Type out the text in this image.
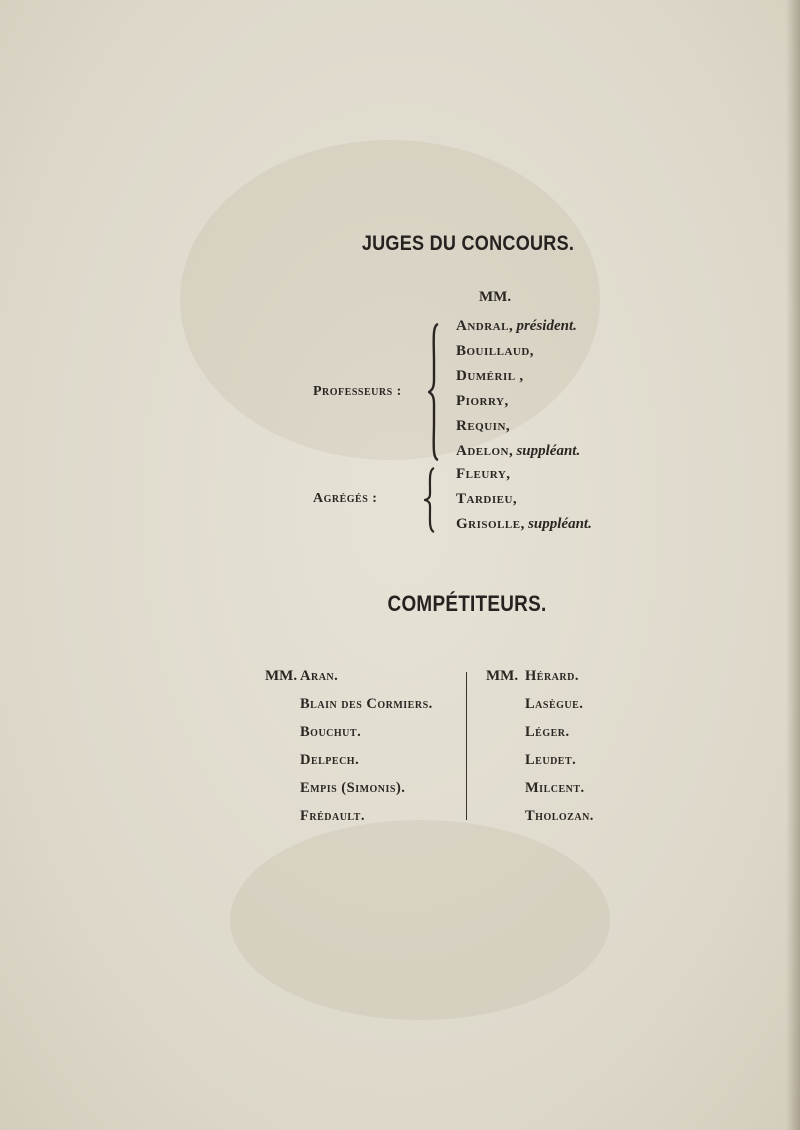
JUGES DU CONCOURS.
MM.
Professeurs :
Andral, président.
Bouillaud,
Duméril ,
Piorry,
Requin,
Adelon, suppléant.
Agrégés :
Fleury,
Tardieu,
Grisolle, suppléant.
COMPÉTITEURS.
MM. Aran.
Blain des Cormiers.
Bouchut.
Delpech.
Empis (Simonis).
Frédault.
MM. Hérard.
Lasègue.
Léger.
Leudet.
Milcent.
Tholozan.
